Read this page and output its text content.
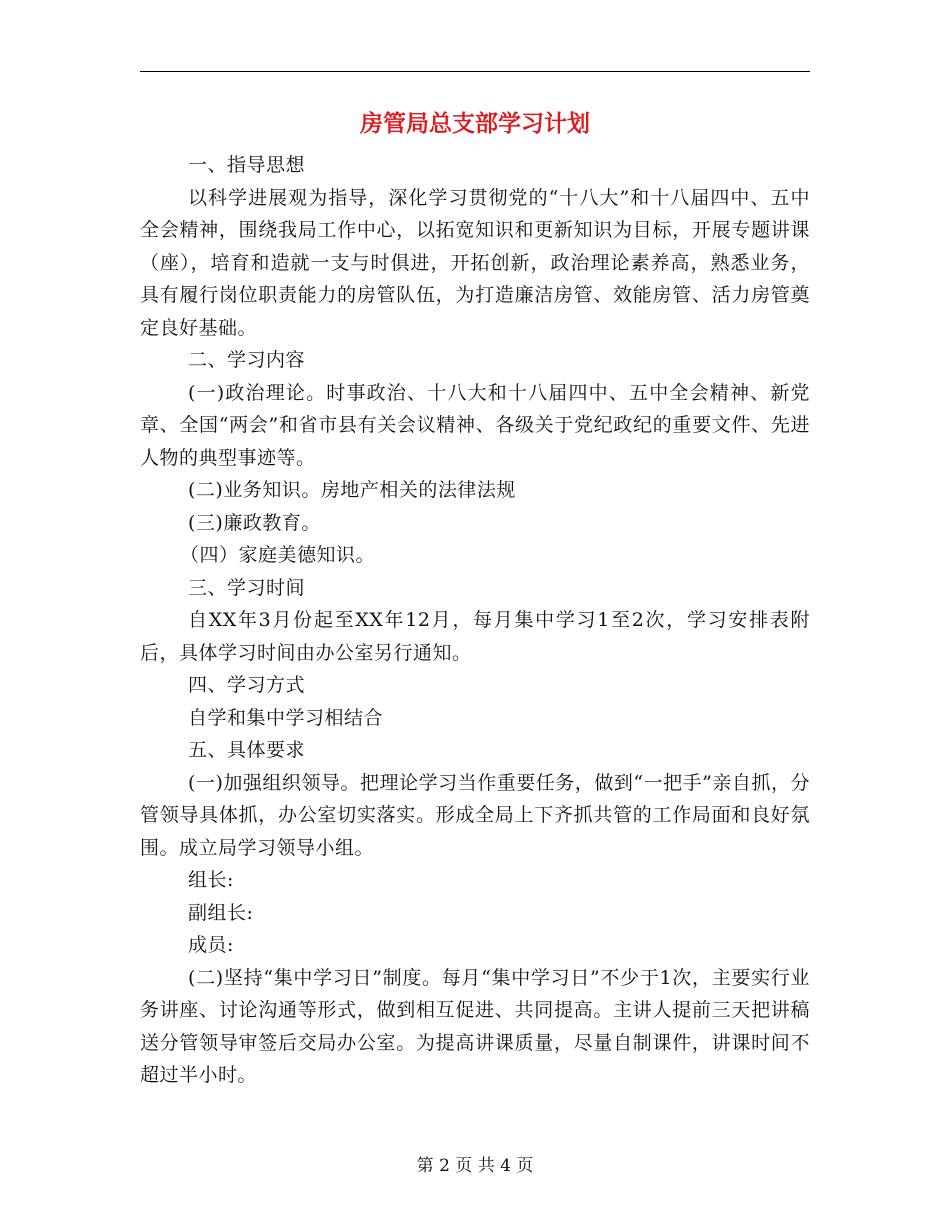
房管局总支部学习计划

一、指导思想

以科学进展观为指导，深化学习贯彻党的“十八大”和十八届四中、五中全会精神，围绕我局工作中心，以拓宽知识和更新知识为目标，开展专题讲课（座），培育和造就一支与时俱进，开拓创新，政治理论素养高，熟悉业务，具有履行岗位职责能力的房管队伍，为打造廉洁房管、效能房管、活力房管奠定良好基础。

二、学习内容

(一)政治理论。时事政治、十八大和十八届四中、五中全会精神、新党章、全国“两会”和省市县有关会议精神、各级关于党纪政纪的重要文件、先进人物的典型事迹等。

(二)业务知识。房地产相关的法律法规

(三)廉政教育。

（四）家庭美德知识。

三、学习时间

自XX年3月份起至XX年12月，每月集中学习1至2次，学习安排表附后，具体学习时间由办公室另行通知。

四、学习方式

自学和集中学习相结合

五、具体要求

(一)加强组织领导。把理论学习当作重要任务，做到“一把手”亲自抓，分管领导具体抓，办公室切实落实。形成全局上下齐抓共管的工作局面和良好氛围。成立局学习领导小组。

组长:

副组长:

成员:

(二)坚持“集中学习日”制度。每月“集中学习日”不少于1次，主要实行业务讲座、讨论沟通等形式，做到相互促进、共同提高。主讲人提前三天把讲稿送分管领导审签后交局办公室。为提高讲课质量，尽量自制课件，讲课时间不超过半小时。

第 2 页 共 4 页
